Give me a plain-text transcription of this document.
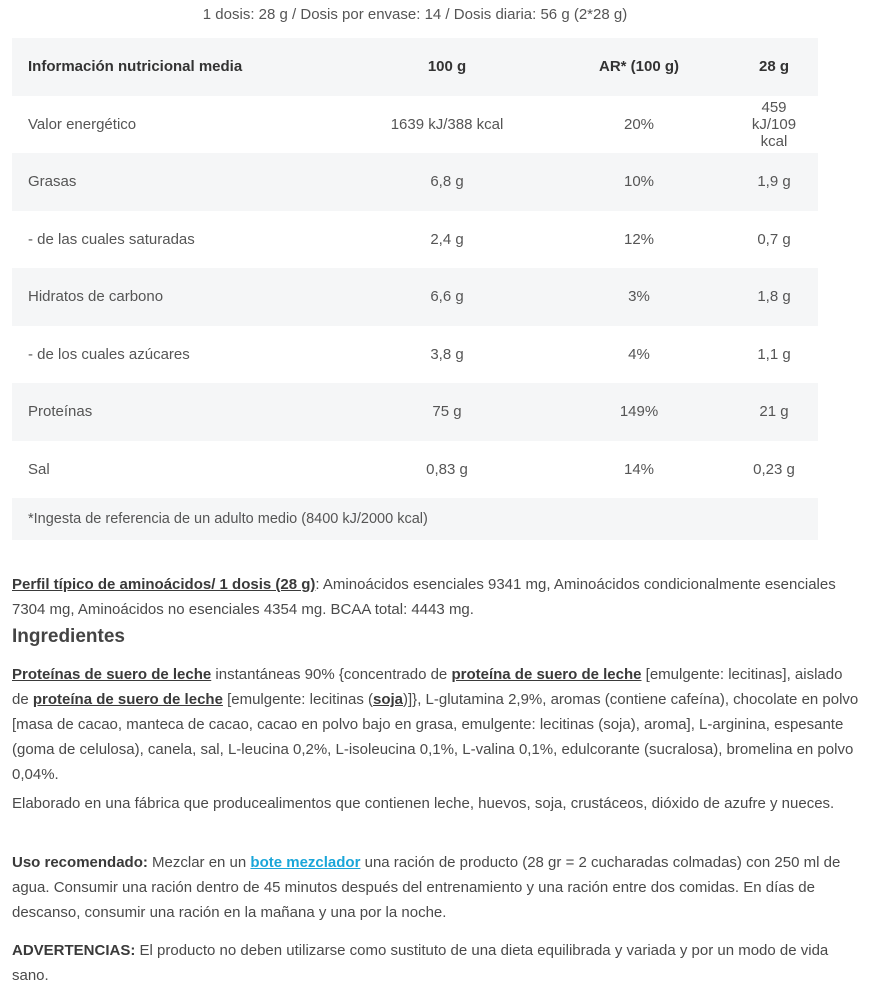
1 dosis: 28 g / Dosis por envase: 14 / Dosis diaria: 56 g (2*28 g)
Información nutricional media	100 g	AR* (100 g)	28 g
Valor energético	1639 kJ/388 kcal	20%	459 kJ/109 kcal
Grasas	6,8 g	10%	1,9 g
- de las cuales saturadas	2,4 g	12%	0,7 g
Hidratos de carbono	6,6 g	3%	1,8 g
- de los cuales azúcares	3,8 g	4%	1,1 g
Proteínas	75 g	149%	21 g
Sal	0,83 g	14%	0,23 g
*Ingesta de referencia de un adulto medio (8400 kJ/2000 kcal)			

Perfil típico de aminoácidos/ 1 dosis (28 g): Aminoácidos esenciales 9341 mg, Aminoácidos condicionalmente esenciales 7304 mg, Aminoácidos no esenciales 4354 mg. BCAA total: 4443 mg.

Ingredientes

Proteínas de suero de leche instantáneas 90% {concentrado de proteína de suero de leche [emulgente: lecitinas], aislado de proteína de suero de leche [emulgente: lecitinas (soja)]}, L-glutamina 2,9%, aromas (contiene cafeína), chocolate en polvo [masa de cacao, manteca de cacao, cacao en polvo bajo en grasa, emulgente: lecitinas (soja), aroma], L-arginina, espesante (goma de celulosa), canela, sal, L-leucina 0,2%, L-isoleucina 0,1%, L-valina 0,1%, edulcorante (sucralosa), bromelina en polvo 0,04%.

Elaborado en una fábrica que producealimentos que contienen leche, huevos, soja, crustáceos, dióxido de azufre y nueces.

Uso recomendado: Mezclar en un bote mezclador una ración de producto (28 gr = 2 cucharadas colmadas) con 250 ml de agua. Consumir una ración dentro de 45 minutos después del entrenamiento y una ración entre dos comidas. En días de descanso, consumir una ración en la mañana y una por la noche.

ADVERTENCIAS: El producto no deben utilizarse como sustituto de una dieta equilibrada y variada y por un modo de vida sano.
